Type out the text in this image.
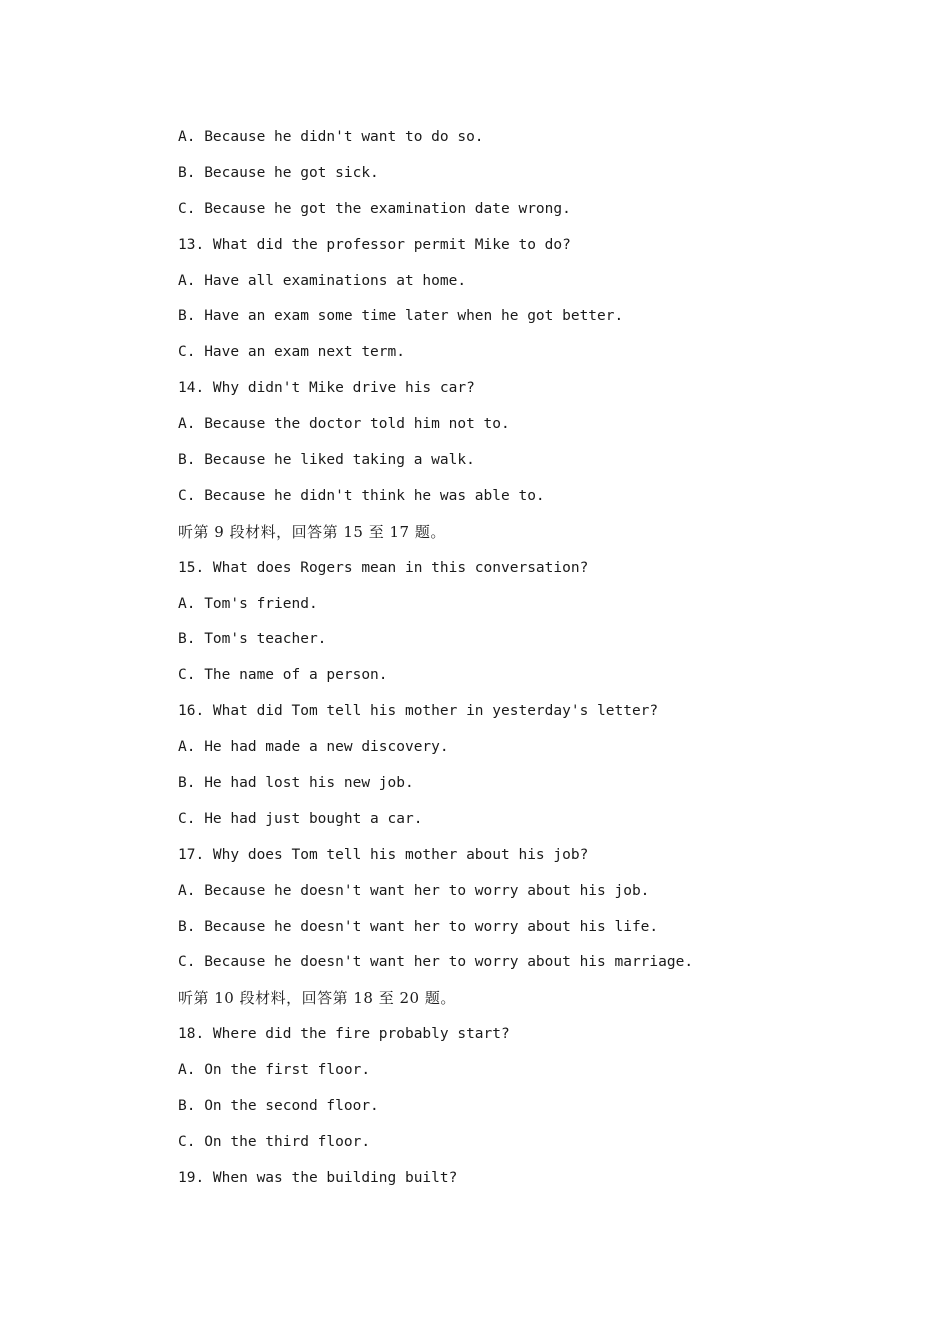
A. Because he didn't want to do so.
B. Because he got sick.
C. Because he got the examination date wrong.
13. What did the professor permit Mike to do?
A. Have all examinations at home.
B. Have an exam some time later when he got better.
C. Have an exam next term.
14. Why didn't Mike drive his car?
A. Because the doctor told him not to.
B. Because he liked taking a walk.
C. Because he didn't think he was able to.
听第 9 段材料，回答第 15 至 17 题。
15. What does Rogers mean in this conversation?
A. Tom's friend.
B. Tom's teacher.
C. The name of a person.
16. What did Tom tell his mother in yesterday's letter?
A. He had made a new discovery.
B. He had lost his new job.
C. He had just bought a car.
17. Why does Tom tell his mother about his job?
A. Because he doesn't want her to worry about his job.
B. Because he doesn't want her to worry about his life.
C. Because he doesn't want her to worry about his marriage.
听第 10 段材料，回答第 18 至 20 题。
18. Where did the fire probably start?
A. On the first floor.
B. On the second floor.
C. On the third floor.
19. When was the building built?
